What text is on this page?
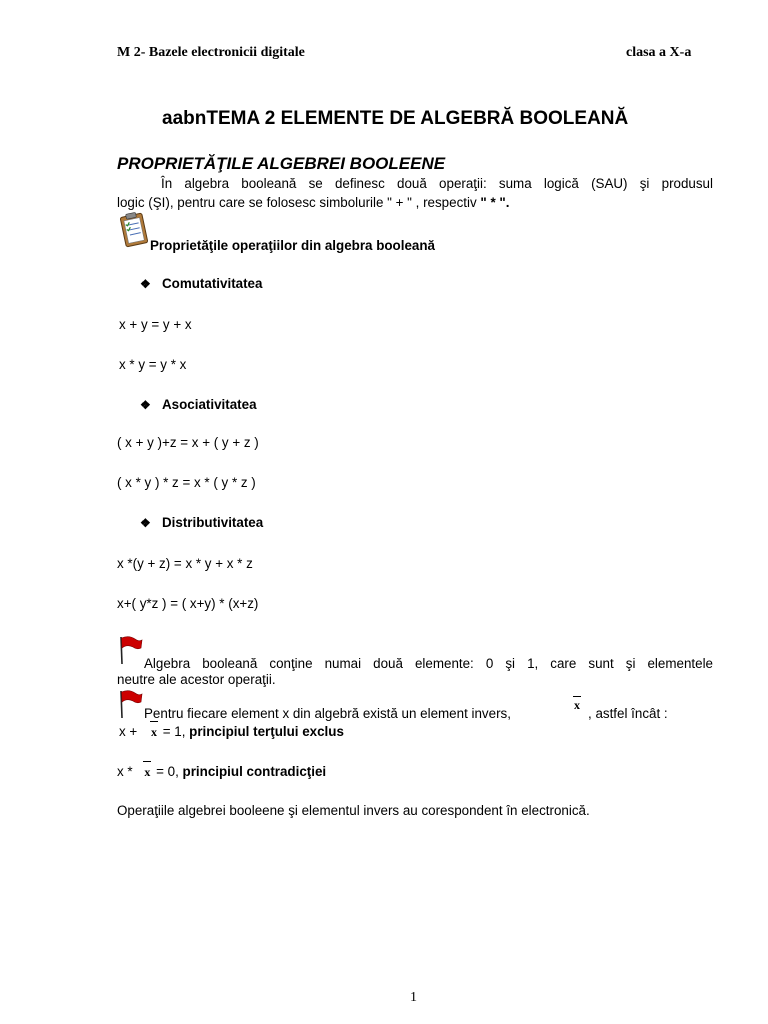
M 2- Bazele electronicii digitale	clasa a X-a
aabnTEMA 2 ELEMENTE DE ALGEBRĂ BOOLEANĂ
PROPRIETĂŢILE ALGEBREI BOOLEENE
În algebra booleană se definesc două operaţii: suma logică (SAU) şi produsul
logic (ŞI), pentru care se folosesc simbolurile " + " , respectiv " * ".
Proprietăţile operaţiilor din algebra booleană
❖ Comutativitatea
x + y = y + x
x * y = y * x
❖ Asociativitatea
( x + y )+z = x + ( y + z )
( x * y ) * z = x * ( y * z )
❖ Distributivitatea
x *(y + z) = x * y + x * z
x+( y*z ) = ( x+y) * (x+z)
Algebra booleană conţine numai două elemente: 0 şi 1, care sunt şi elementele
neutre ale acestor operaţii.
Pentru fiecare element x din algebră există un element invers,
x
, astfel încât :
x + x = 1, principiul terţului exclus
x * x = 0, principiul contradicţiei
Operaţiile algebrei booleene şi elementul invers au corespondent în electronică.
1
